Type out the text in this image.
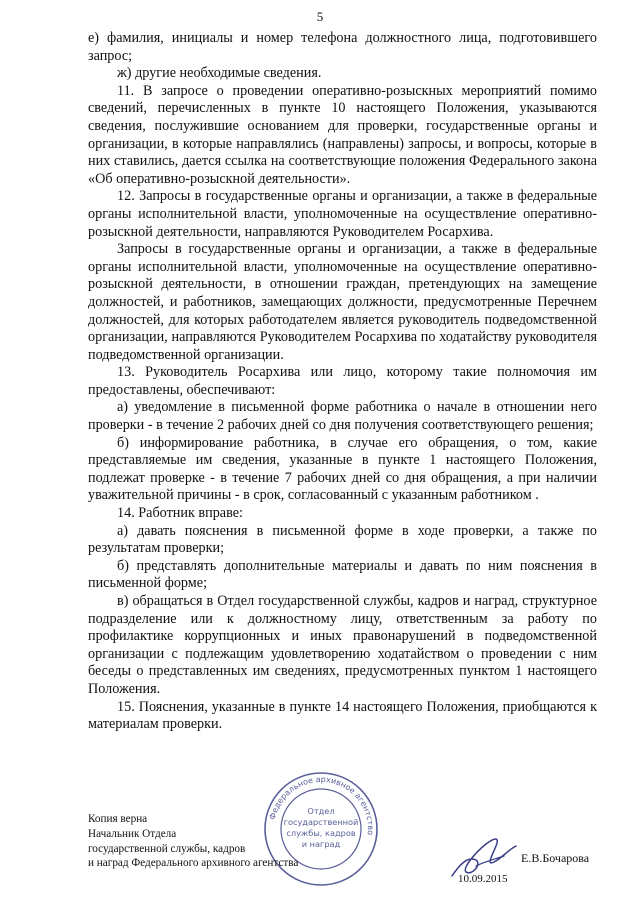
5

е) фамилия, инициалы и номер телефона должностного лица, подготовившего запрос;

ж) другие необходимые сведения.

11. В запросе о проведении оперативно-розыскных мероприятий помимо сведений, перечисленных в пункте 10 настоящего Положения, указываются сведения, послужившие основанием для проверки, государственные органы и организации, в которые направлялись (направлены) запросы, и вопросы, которые в них ставились, дается ссылка на соответствующие положения Федерального закона «Об оперативно-розыскной деятельности».

12. Запросы в государственные органы и организации, а также в федеральные органы исполнительной власти, уполномоченные на осуществление оперативно-розыскной деятельности, направляются Руководителем Росархива.

Запросы в государственные органы и организации, а также в федеральные органы исполнительной власти, уполномоченные на осуществление оперативно-розыскной деятельности, в отношении граждан, претендующих на замещение должностей, и работников, замещающих должности, предусмотренные Перечнем должностей, для которых работодателем является руководитель подведомственной организации, направляются Руководителем Росархива по ходатайству руководителя подведомственной организации.

13. Руководитель Росархива или лицо, которому такие полномочия им предоставлены, обеспечивают:

а) уведомление в письменной форме работника о начале в отношении него проверки - в течение 2 рабочих дней со дня получения соответствующего решения;

б) информирование работника, в случае его обращения, о том, какие представляемые им сведения, указанные в пункте 1 настоящего Положения, подлежат проверке - в течение 7 рабочих дней со дня обращения, а при наличии уважительной причины - в срок, согласованный с указанным работником .

14. Работник вправе:

а) давать пояснения в письменной форме в ходе проверки, а также по результатам проверки;

б) представлять дополнительные материалы и давать по ним пояснения в письменной форме;

в) обращаться в Отдел государственной службы, кадров и наград, структурное подразделение или к должностному лицу, ответственным за работу по профилактике коррупционных и иных правонарушений в подведомственной организации с подлежащим удовлетворению ходатайством о проведении с ним беседы о представленных им сведениях, предусмотренных пунктом 1 настоящего Положения.

15. Пояснения, указанные в пункте 14 настоящего Положения, приобщаются к материалам проверки.

Федеральное архивное агентство
Отдел
государственной
службы, кадров
и наград
Копия верна
Начальник Отдела
государственной службы, кадров
и наград Федерального архивного агентства
10.09.2015
Е.В.Бочарова
